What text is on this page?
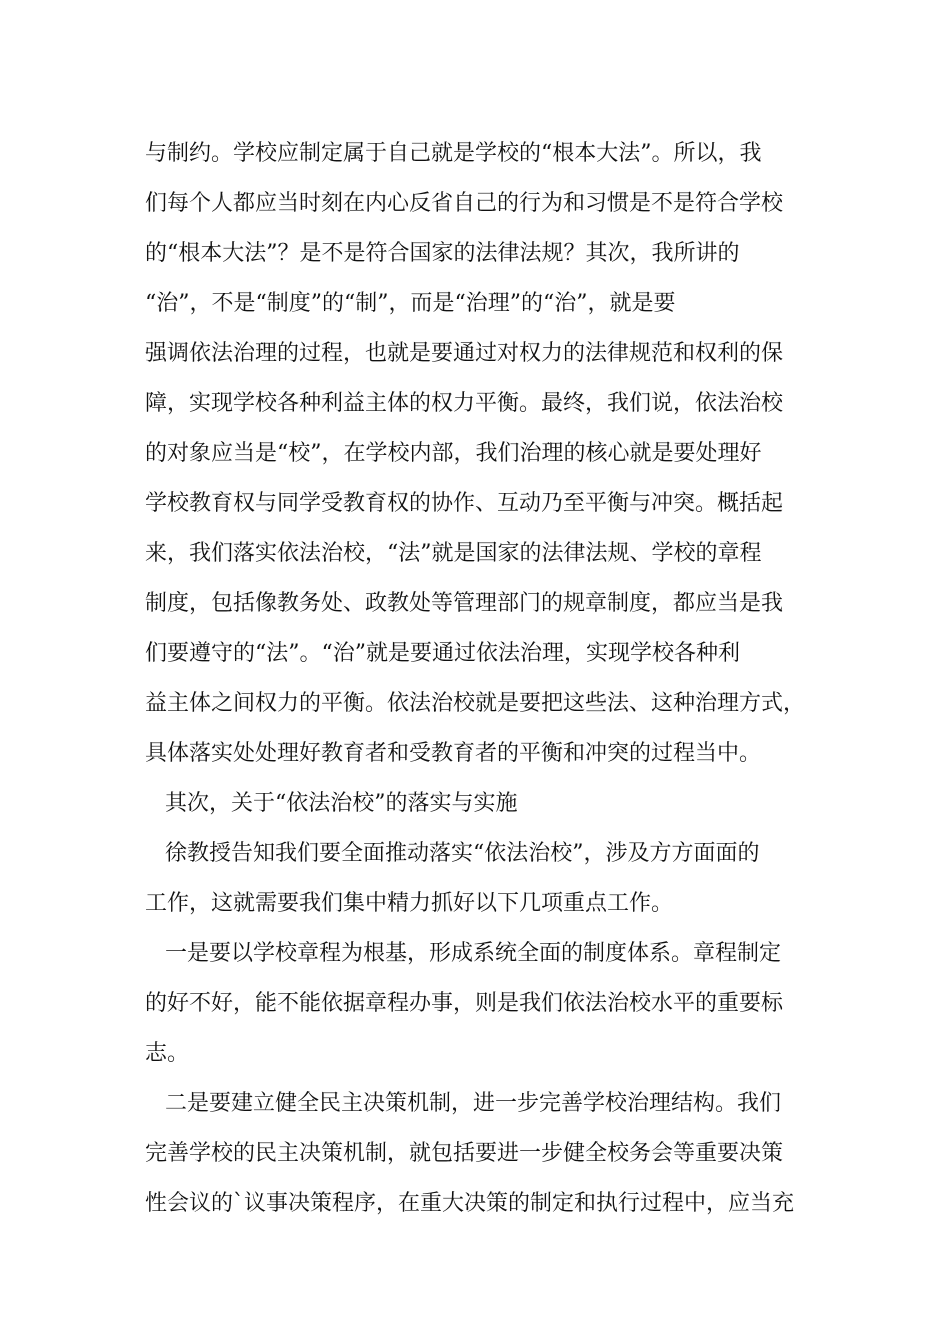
与制约。学校应制定属于自己就是学校的“根本大法”。所以，我
们每个人都应当时刻在内心反省自己的行为和习惯是不是符合学校
的“根本大法”？是不是符合国家的法律法规？其次，我所讲的
“治”，不是“制度”的“制”，而是“治理”的“治”，就是要
强调依法治理的过程，也就是要通过对权力的法律规范和权利的保
障，实现学校各种利益主体的权力平衡。最终，我们说，依法治校
的对象应当是“校”，在学校内部，我们治理的核心就是要处理好
学校教育权与同学受教育权的协作、互动乃至平衡与冲突。概括起
来，我们落实依法治校，“法”就是国家的法律法规、学校的章程
制度，包括像教务处、政教处等管理部门的规章制度，都应当是我
们要遵守的“法”。“治”就是要通过依法治理，实现学校各种利
益主体之间权力的平衡。依法治校就是要把这些法、这种治理方式，
具体落实处处理好教育者和受教育者的平衡和冲突的过程当中。
其次，关于“依法治校”的落实与实施
徐教授告知我们要全面推动落实“依法治校”，涉及方方面面的
工作，这就需要我们集中精力抓好以下几项重点工作。
一是要以学校章程为根基，形成系统全面的制度体系。章程制定
的好不好，能不能依据章程办事，则是我们依法治校水平的重要标
志。
二是要建立健全民主决策机制，进一步完善学校治理结构。我们
完善学校的民主决策机制，就包括要进一步健全校务会等重要决策
性会议的`议事决策程序，在重大决策的制定和执行过程中，应当充
